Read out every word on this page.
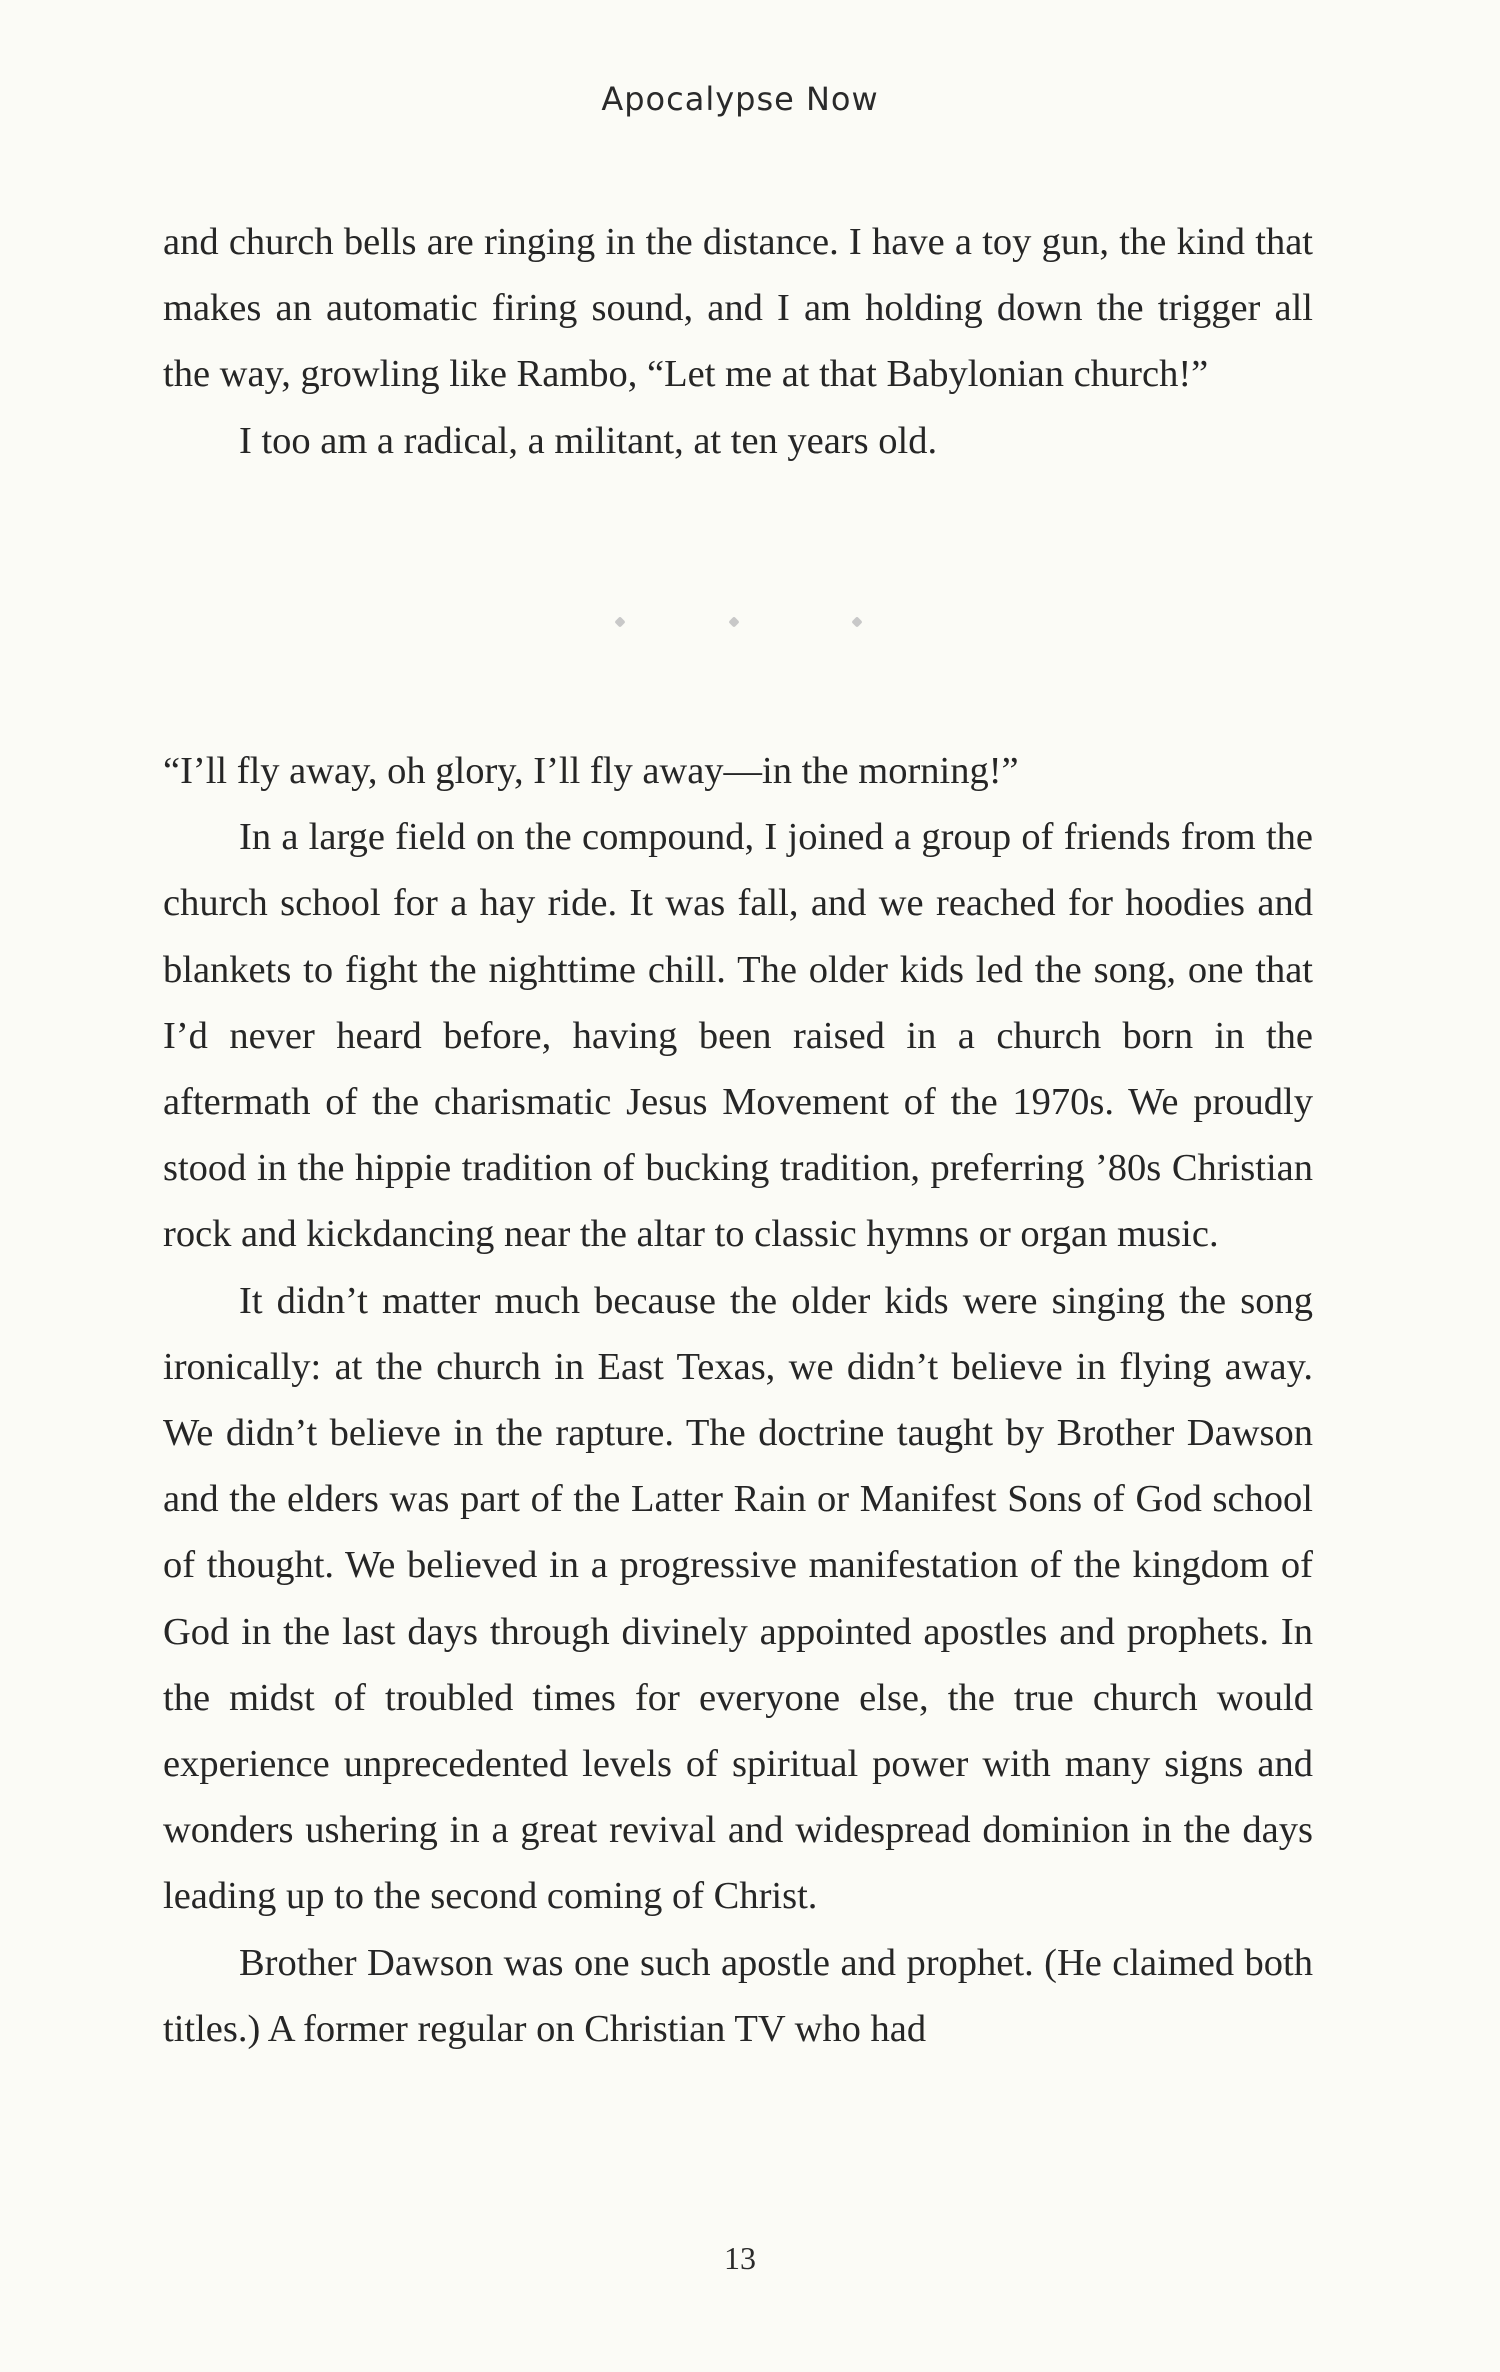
Apocalypse Now

and church bells are ringing in the distance. I have a toy gun, the kind that makes an automatic firing sound, and I am holding down the trigger all the way, growling like Rambo, “Let me at that Babylonian church!”

I too am a radical, a militant, at ten years old.

“I’ll fly away, oh glory, I’ll fly away—in the morning!”

In a large field on the compound, I joined a group of friends from the church school for a hay ride. It was fall, and we reached for hoodies and blankets to fight the nighttime chill. The older kids led the song, one that I’d never heard before, having been raised in a church born in the aftermath of the charismatic Jesus Movement of the 1970s. We proudly stood in the hippie tradition of bucking tradition, preferring ’80s Christian rock and kickdancing near the altar to classic hymns or organ music.

It didn’t matter much because the older kids were singing the song ironically: at the church in East Texas, we didn’t believe in flying away. We didn’t believe in the rapture. The doctrine taught by Brother Dawson and the elders was part of the Latter Rain or Manifest Sons of God school of thought. We believed in a progressive manifestation of the kingdom of God in the last days through divinely appointed apostles and prophets. In the midst of troubled times for everyone else, the true church would experience unprecedented levels of spiritual power with many signs and wonders ushering in a great revival and widespread dominion in the days leading up to the second coming of Christ.

Brother Dawson was one such apostle and prophet. (He claimed both titles.) A former regular on Christian TV who had

13
